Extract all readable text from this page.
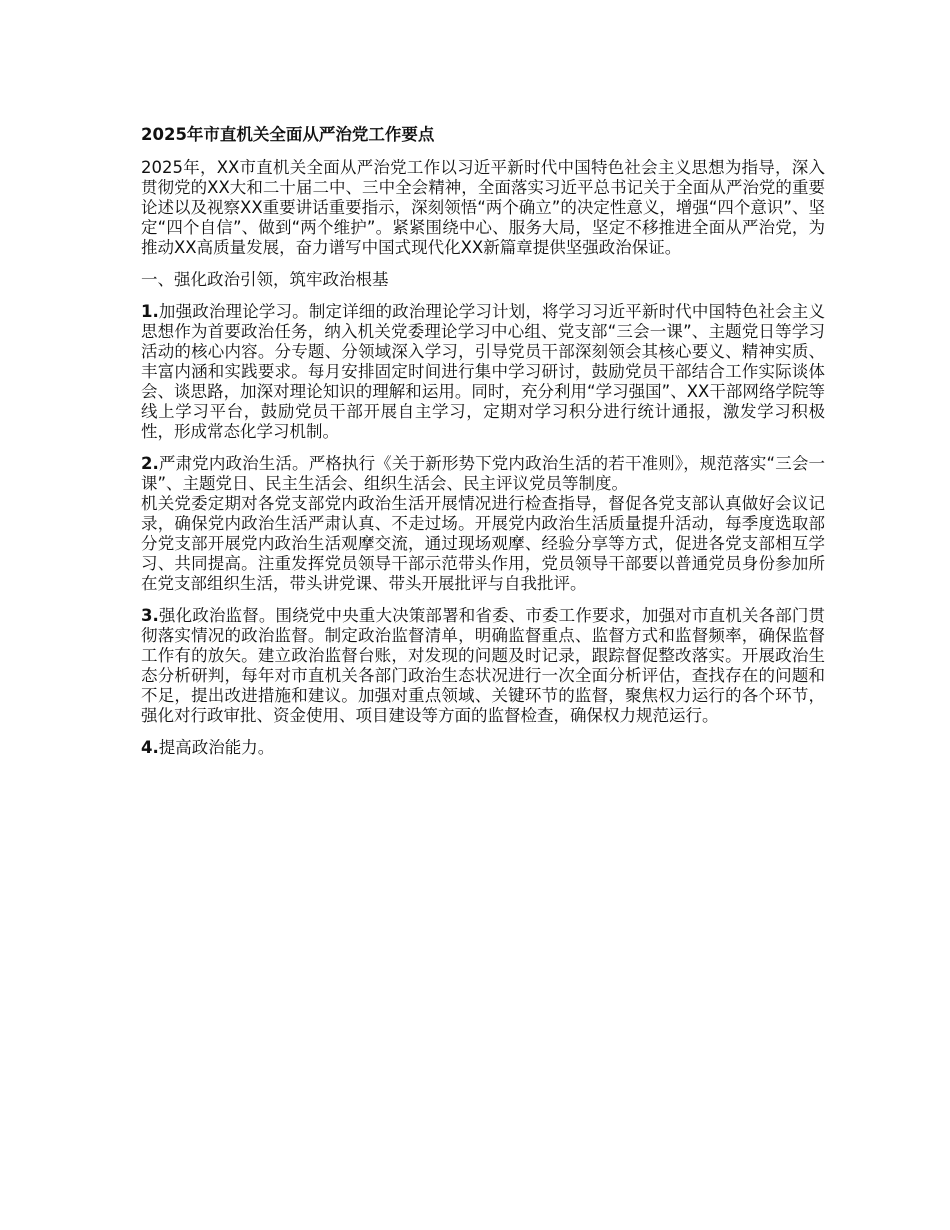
2025年市直机关全面从严治党工作要点

2025年，XX市直机关全面从严治党工作以习近平新时代中国特色社会主义思想为指导，深入贯彻党的XX大和二十届二中、三中全会精神，全面落实习近平总书记关于全面从严治党的重要论述以及视察XX重要讲话重要指示，深刻领悟“两个确立”的决定性意义，增强“四个意识”、坚定“四个自信”、做到“两个维护”。紧紧围绕中心、服务大局，坚定不移推进全面从严治党，为推动XX高质量发展，奋力谱写中国式现代化XX新篇章提供坚强政治保证。

一、强化政治引领，筑牢政治根基

1.加强政治理论学习。制定详细的政治理论学习计划，将学习习近平新时代中国特色社会主义思想作为首要政治任务，纳入机关党委理论学习中心组、党支部“三会一课”、主题党日等学习活动的核心内容。分专题、分领域深入学习，引导党员干部深刻领会其核心要义、精神实质、丰富内涵和实践要求。每月安排固定时间进行集中学习研讨，鼓励党员干部结合工作实际谈体会、谈思路，加深对理论知识的理解和运用。同时，充分利用“学习强国”、XX干部网络学院等线上学习平台，鼓励党员干部开展自主学习，定期对学习积分进行统计通报，激发学习积极性，形成常态化学习机制。

2.严肃党内政治生活。严格执行《关于新形势下党内政治生活的若干准则》，规范落实“三会一课”、主题党日、民主生活会、组织生活会、民主评议党员等制度。
机关党委定期对各党支部党内政治生活开展情况进行检查指导，督促各党支部认真做好会议记录，确保党内政治生活严肃认真、不走过场。开展党内政治生活质量提升活动，每季度选取部分党支部开展党内政治生活观摩交流，通过现场观摩、经验分享等方式，促进各党支部相互学习、共同提高。注重发挥党员领导干部示范带头作用，党员领导干部要以普通党员身份参加所在党支部组织生活，带头讲党课、带头开展批评与自我批评。

3.强化政治监督。围绕党中央重大决策部署和省委、市委工作要求，加强对市直机关各部门贯彻落实情况的政治监督。制定政治监督清单，明确监督重点、监督方式和监督频率，确保监督工作有的放矢。建立政治监督台账，对发现的问题及时记录，跟踪督促整改落实。开展政治生态分析研判，每年对市直机关各部门政治生态状况进行一次全面分析评估，查找存在的问题和不足，提出改进措施和建议。加强对重点领域、关键环节的监督，聚焦权力运行的各个环节，强化对行政审批、资金使用、项目建设等方面的监督检查，确保权力规范运行。

4.提高政治能力。
